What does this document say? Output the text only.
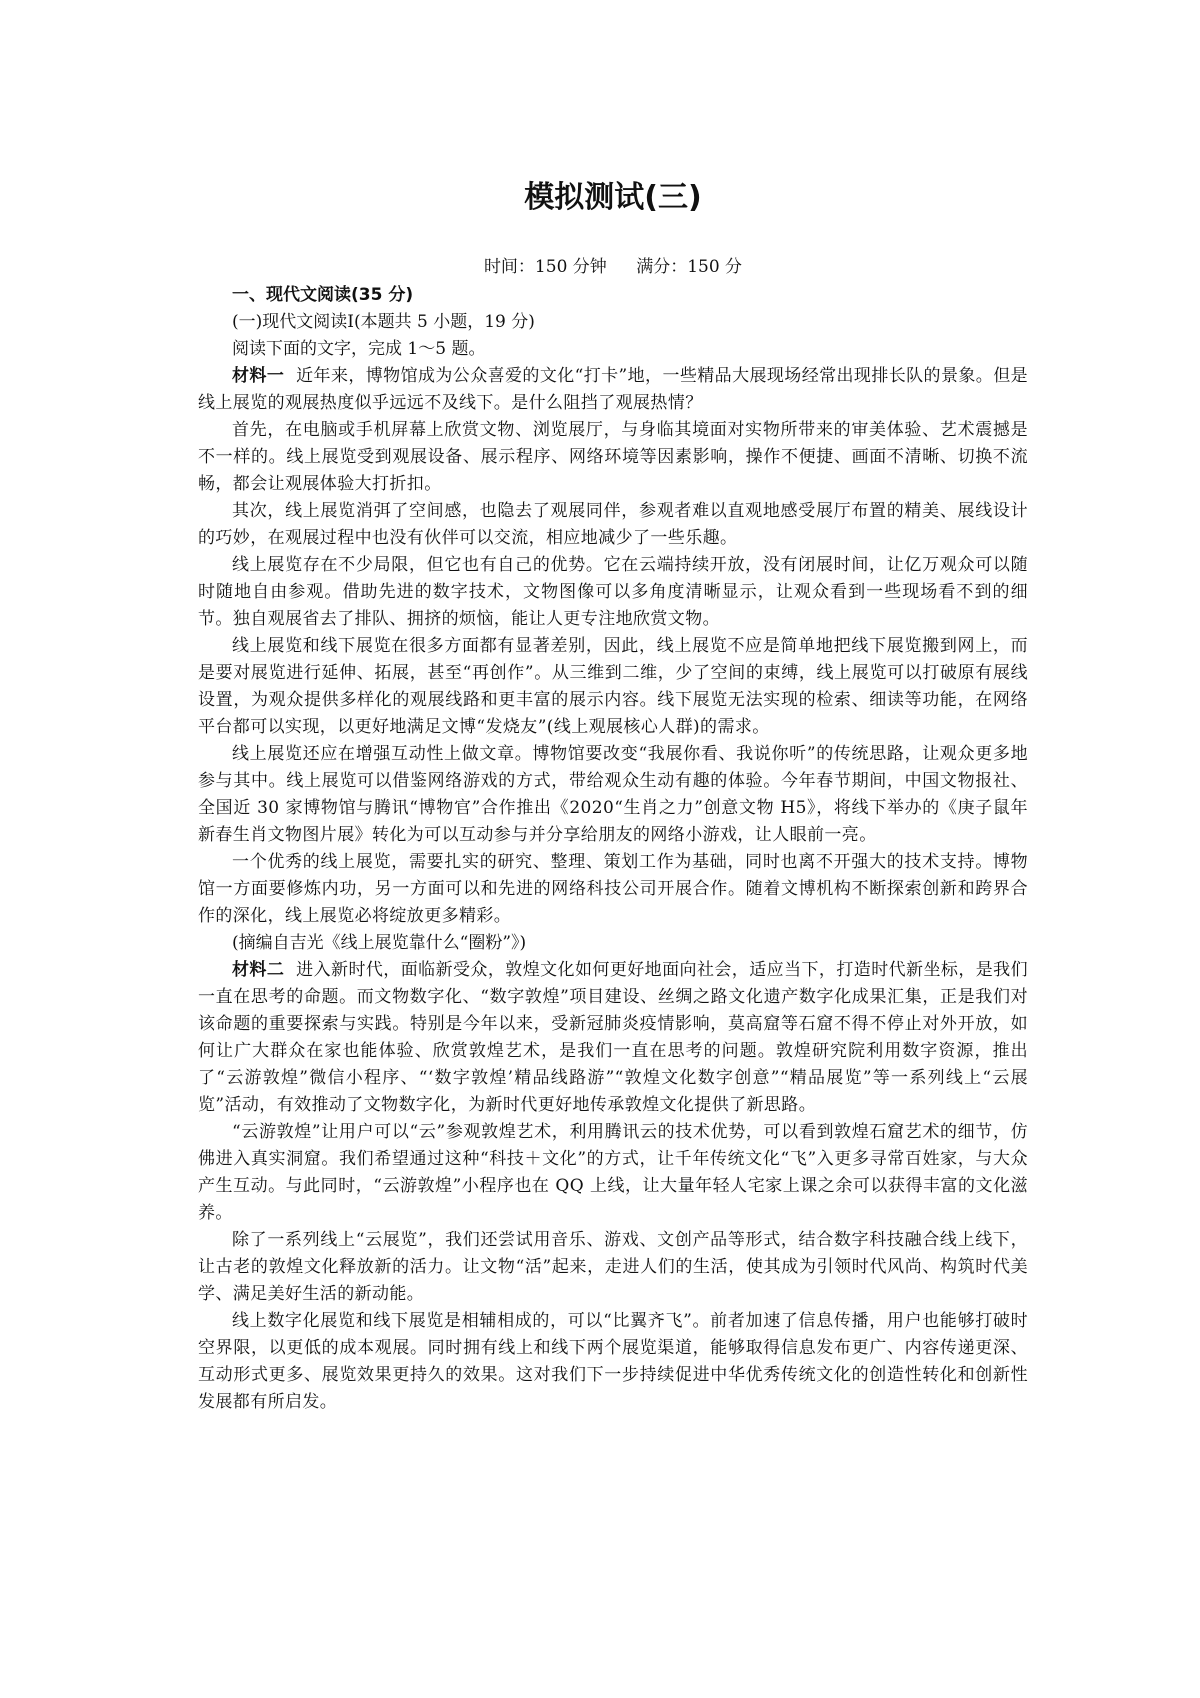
模拟测试(三)
时间：150 分钟 满分：150 分
一、现代文阅读(35 分)
(一)现代文阅读Ⅰ(本题共 5 小题，19 分)
阅读下面的文字，完成 1～5 题。

材料一 近年来，博物馆成为公众喜爱的文化“打卡”地，一些精品大展现场经常出现排长队的景象。但是线上展览的观展热度似乎远远不及线下。是什么阻挡了观展热情？

首先，在电脑或手机屏幕上欣赏文物、浏览展厅，与身临其境面对实物所带来的审美体验、艺术震撼是不一样的。线上展览受到观展设备、展示程序、网络环境等因素影响，操作不便捷、画面不清晰、切换不流畅，都会让观展体验大打折扣。

其次，线上展览消弭了空间感，也隐去了观展同伴，参观者难以直观地感受展厅布置的精美、展线设计的巧妙，在观展过程中也没有伙伴可以交流，相应地减少了一些乐趣。

线上展览存在不少局限，但它也有自己的优势。它在云端持续开放，没有闭展时间，让亿万观众可以随时随地自由参观。借助先进的数字技术，文物图像可以多角度清晰显示，让观众看到一些现场看不到的细节。独自观展省去了排队、拥挤的烦恼，能让人更专注地欣赏文物。

线上展览和线下展览在很多方面都有显著差别，因此，线上展览不应是简单地把线下展览搬到网上，而是要对展览进行延伸、拓展，甚至“再创作”。从三维到二维，少了空间的束缚，线上展览可以打破原有展线设置，为观众提供多样化的观展线路和更丰富的展示内容。线下展览无法实现的检索、细读等功能，在网络平台都可以实现，以更好地满足文博“发烧友”(线上观展核心人群)的需求。

线上展览还应在增强互动性上做文章。博物馆要改变“我展你看、我说你听”的传统思路，让观众更多地参与其中。线上展览可以借鉴网络游戏的方式，带给观众生动有趣的体验。今年春节期间，中国文物报社、全国近 30 家博物馆与腾讯“博物官”合作推出《2020“生肖之力”创意文物 H5》，将线下举办的《庚子鼠年新春生肖文物图片展》转化为可以互动参与并分享给朋友的网络小游戏，让人眼前一亮。

一个优秀的线上展览，需要扎实的研究、整理、策划工作为基础，同时也离不开强大的技术支持。博物馆一方面要修炼内功，另一方面可以和先进的网络科技公司开展合作。随着文博机构不断探索创新和跨界合作的深化，线上展览必将绽放更多精彩。

(摘编自吉光《线上展览靠什么“圈粉”》)

材料二 进入新时代，面临新受众，敦煌文化如何更好地面向社会，适应当下，打造时代新坐标，是我们一直在思考的命题。而文物数字化、“数字敦煌”项目建设、丝绸之路文化遗产数字化成果汇集，正是我们对该命题的重要探索与实践。特别是今年以来，受新冠肺炎疫情影响，莫高窟等石窟不得不停止对外开放，如何让广大群众在家也能体验、欣赏敦煌艺术，是我们一直在思考的问题。敦煌研究院利用数字资源，推出了“云游敦煌”微信小程序、“‘数字敦煌’精品线路游”“敦煌文化数字创意”“精品展览”等一系列线上“云展览”活动，有效推动了文物数字化，为新时代更好地传承敦煌文化提供了新思路。

“云游敦煌”让用户可以“云”参观敦煌艺术，利用腾讯云的技术优势，可以看到敦煌石窟艺术的细节，仿佛进入真实洞窟。我们希望通过这种“科技＋文化”的方式，让千年传统文化“飞”入更多寻常百姓家，与大众产生互动。与此同时，“云游敦煌”小程序也在 QQ 上线，让大量年轻人宅家上课之余可以获得丰富的文化滋养。

除了一系列线上“云展览”，我们还尝试用音乐、游戏、文创产品等形式，结合数字科技融合线上线下，让古老的敦煌文化释放新的活力。让文物“活”起来，走进人们的生活，使其成为引领时代风尚、构筑时代美学、满足美好生活的新动能。

线上数字化展览和线下展览是相辅相成的，可以“比翼齐飞”。前者加速了信息传播，用户也能够打破时空界限，以更低的成本观展。同时拥有线上和线下两个展览渠道，能够取得信息发布更广、内容传递更深、互动形式更多、展览效果更持久的效果。这对我们下一步持续促进中华优秀传统文化的创造性转化和创新性发展都有所启发。
